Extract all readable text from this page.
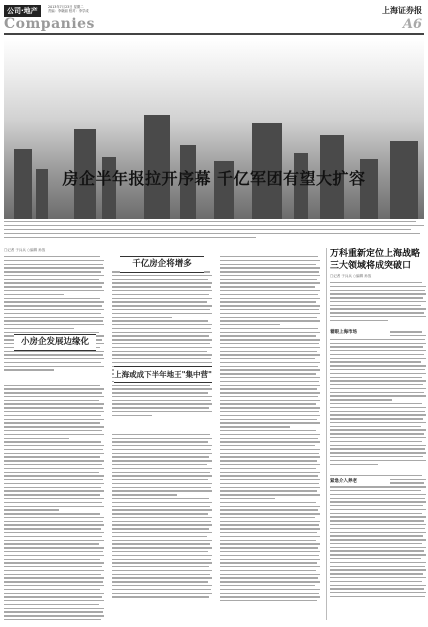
公司·地产	2013年7月23日 星期二
责编：李晓丽 校对：李学成	上海证券报
Companies	A6
房企半年报拉开序幕 千亿军团有望大扩容
□记者 于兵兵 ○编辑 孙放
小房企发展边缘化
千亿房企将增多
上海或成下半年地王"集中营"
万科重新定位上海战略 三大领域将成突破口
□记者 于兵兵 ○编辑 孙放
着眼上海市场
紧急介入养老
